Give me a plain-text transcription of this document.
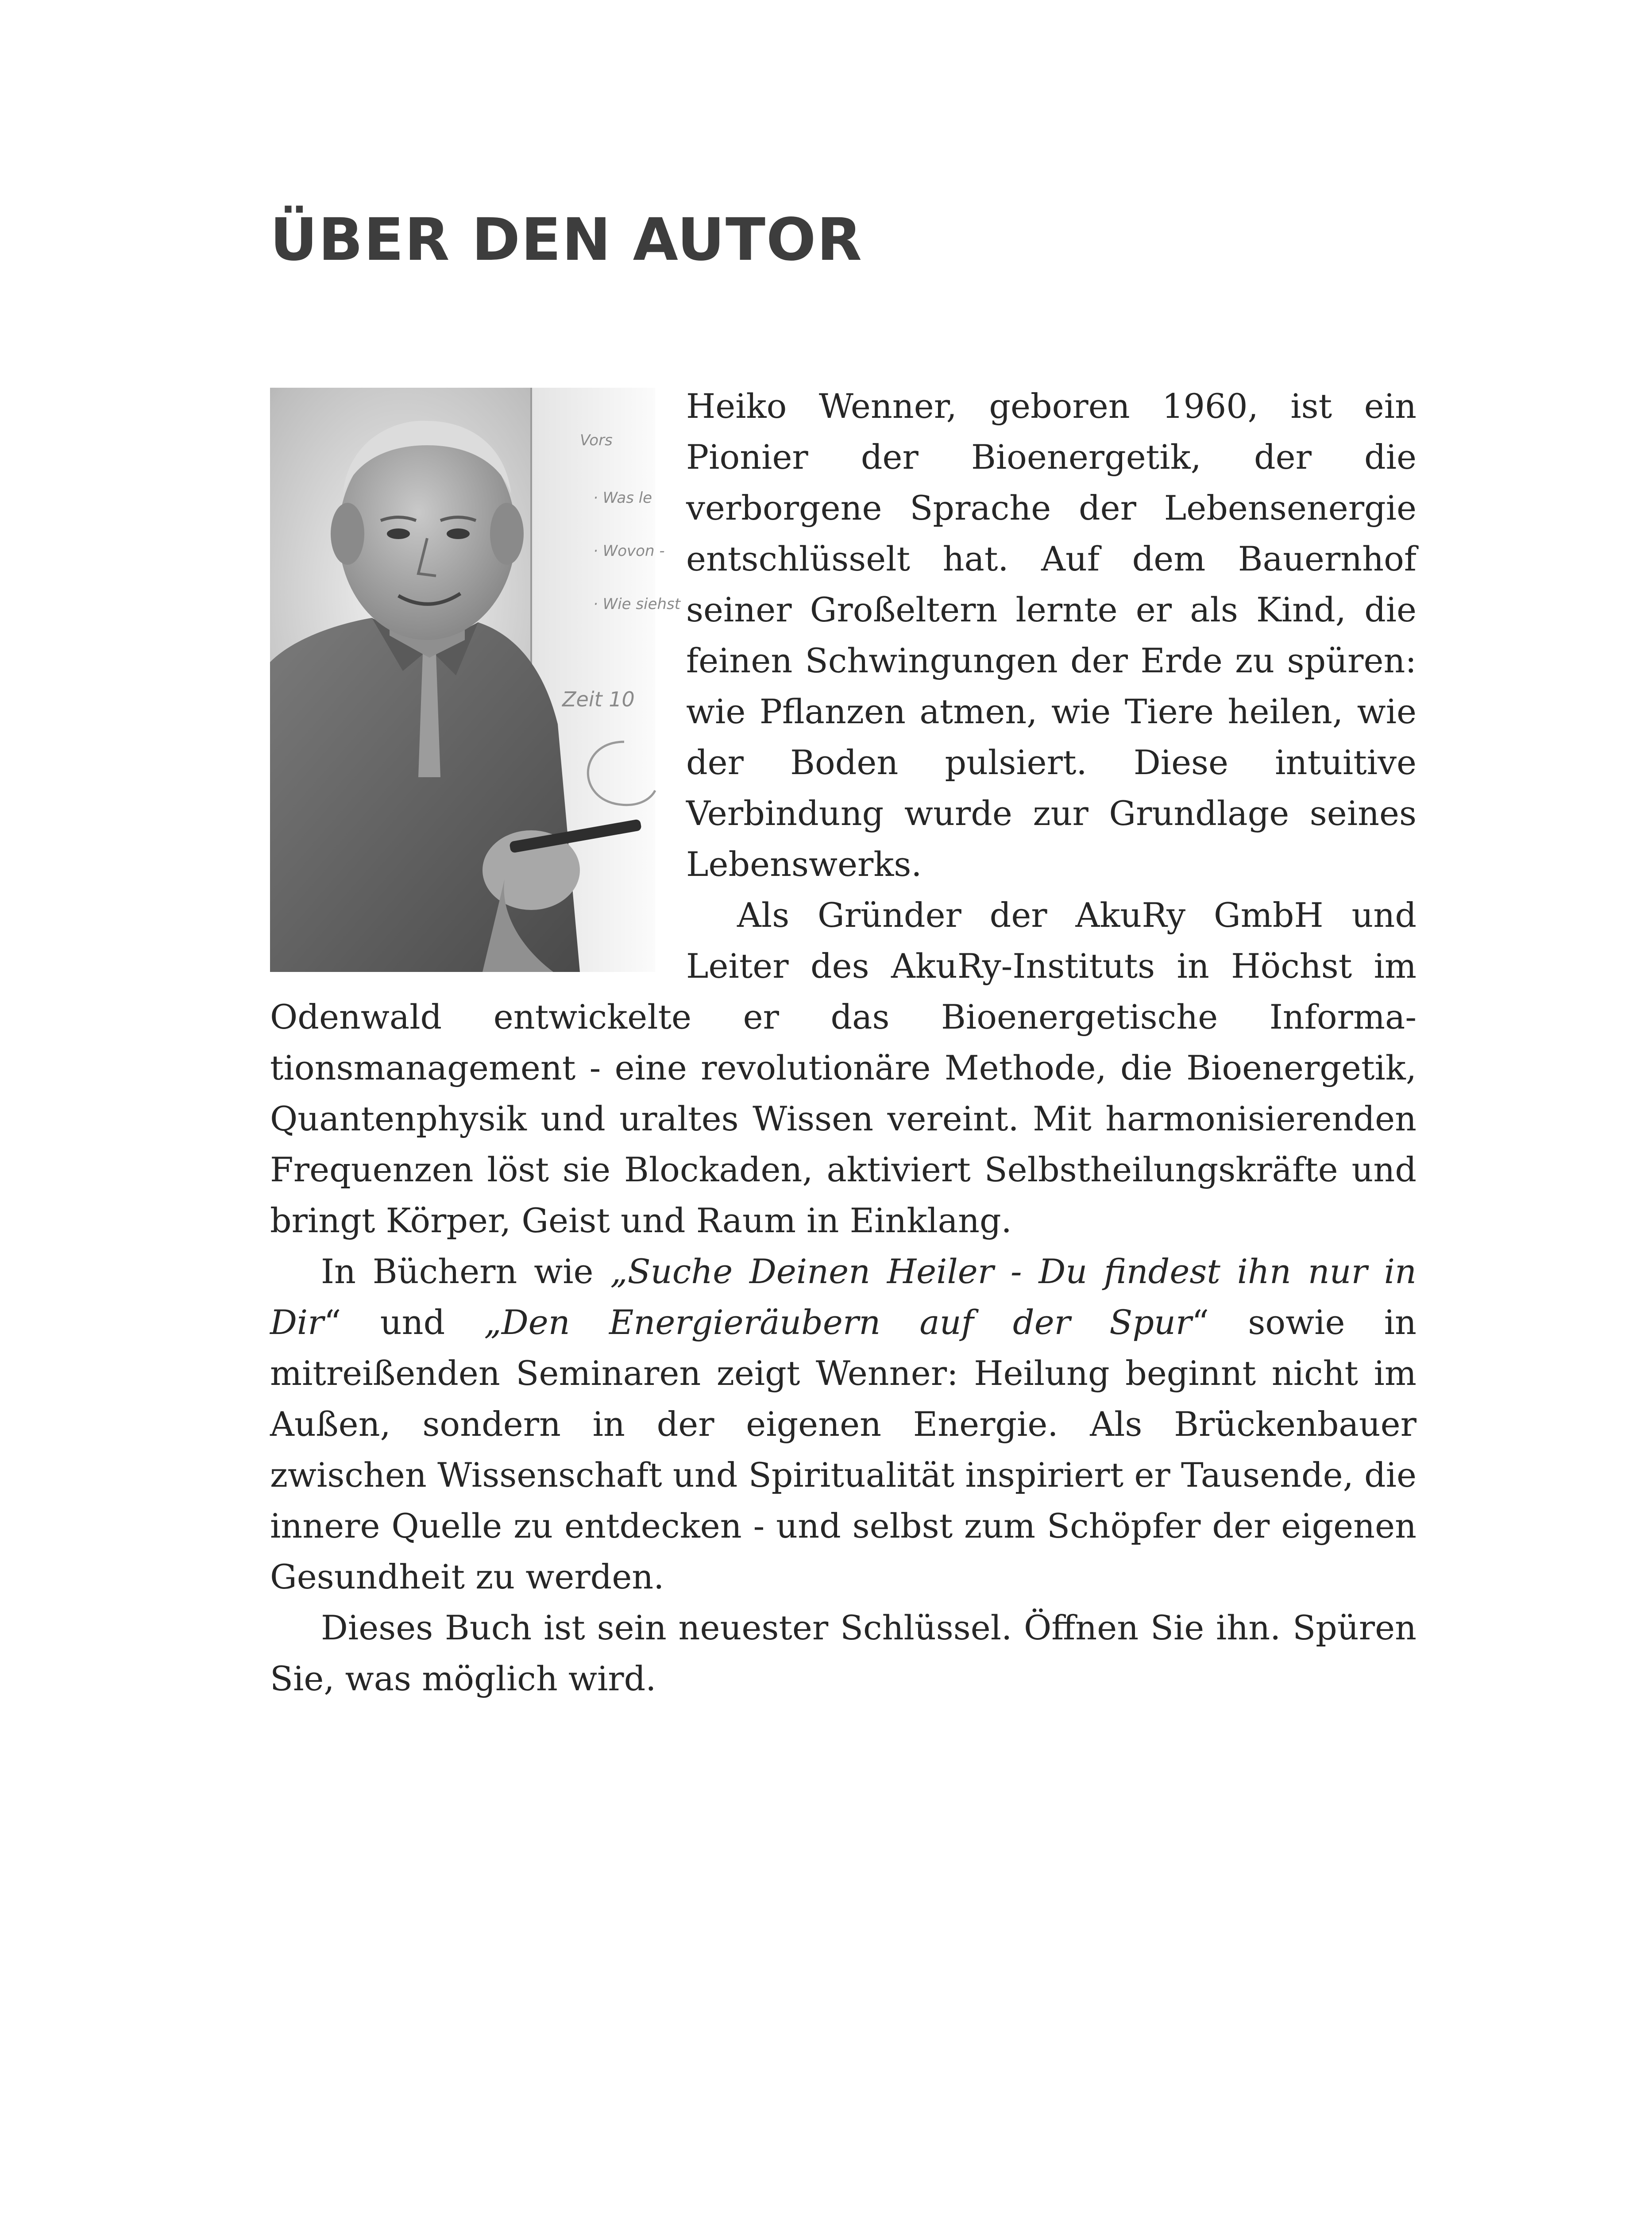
ÜBER DEN AUTOR
Vors
· Was le
· Wovon -
· Wie siehst
Zeit 10

Heiko Wenner, geboren 1960, ist ein Pionier der Bioenergetik, der die verborgene Sprache der Lebensenergie entschlüsselt hat. Auf dem Bauernhof seiner Großeltern lernte er als Kind, die feinen Schwingungen der Erde zu spüren: wie Pflanzen atmen, wie Tiere heilen, wie der Boden pulsiert. Diese intuitive Verbindung wurde zur Grundlage seines Lebenswerks.

Als Gründer der AkuRy GmbH und Leiter des AkuRy-Instituts in Höchst im Odenwald entwickelte er das Bioenergetische Informationsmanagement - eine revolutionäre Methode, die Bioenergetik, Quantenphysik und uraltes Wissen vereint. Mit harmonisierenden Frequenzen löst sie Blockaden, aktiviert Selbstheilungskräfte und bringt Körper, Geist und Raum in Einklang.

In Büchern wie „Suche Deinen Heiler - Du findest ihn nur in Dir“ und „Den Energieräubern auf der Spur“ sowie in mitreißenden Seminaren zeigt Wenner: Heilung beginnt nicht im Außen, sondern in der eigenen Energie. Als Brückenbauer zwischen Wissenschaft und Spiritualität inspiriert er Tausende, die innere Quelle zu entdecken - und selbst zum Schöpfer der eigenen Gesundheit zu werden.

Dieses Buch ist sein neuester Schlüssel. Öffnen Sie ihn. Spüren Sie, was möglich wird.
